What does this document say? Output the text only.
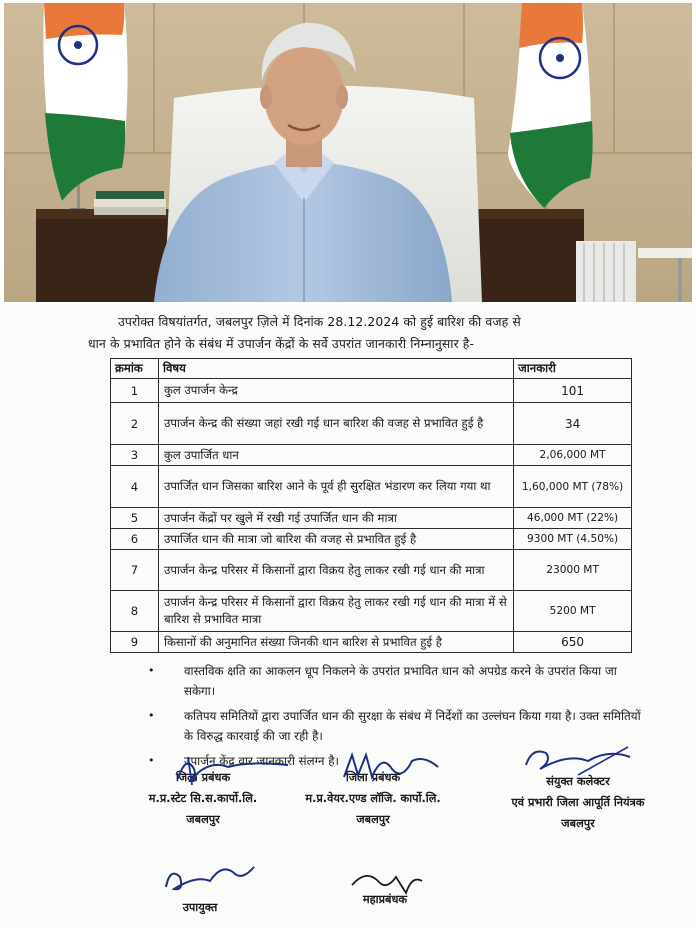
उपरोक्त विषयांतर्गत, जबलपुर ज़िले में दिनांक 28.12.2024 को हुई बारिश की वजह से
धान के प्रभावित होने के संबंध में उपार्जन केंद्रों के सर्वे उपरांत जानकारी निम्नानुसार है-
क्रमांक	विषय	जानकारी
1	कुल उपार्जन केन्द्र	101
2	उपार्जन केन्द्र की संख्या जहां रखी गई धान बारिश की वजह से प्रभावित हुई है	34
3	कुल उपार्जित धान	2,06,000 MT
4	उपार्जित धान जिसका बारिश आने के पूर्व ही सुरक्षित भंडारण कर लिया गया था	1,60,000 MT (78%)
5	उपार्जन केंद्रों पर खुले में रखी गई उपार्जित धान की मात्रा	46,000 MT (22%)
6	उपार्जित धान की मात्रा जो बारिश की वजह से प्रभावित हुई है	9300 MT (4.50%)
7	उपार्जन केन्द्र परिसर में किसानों द्वारा विक्रय हेतु लाकर रखी गई धान की मात्रा	23000 MT
8	उपार्जन केन्द्र परिसर में किसानों द्वारा विक्रय हेतु लाकर रखी गई धान की मात्रा में से बारिश से प्रभावित मात्रा	5200 MT
9	किसानों की अनुमानित संख्या जिनकी धान बारिश से प्रभावित हुई है	650
•	वास्तविक क्षति का आकलन धूप निकलने के उपरांत प्रभावित धान को अपग्रेड करने के उपरांत किया जा सकेगा।
•	कतिपय समितियों द्वारा उपार्जित धान की सुरक्षा के संबंध में निर्देशों का उल्लंघन किया गया है। उक्त समितियों के विरुद्ध कारवाई की जा रही है।
•	उपार्जन केंद्र वार जानकारी संलग्न है।
जिला प्रबंधक
म.प्र.स्टेट सि.स.कार्पो.लि.
जबलपुर
जिला प्रबंधक
म.प्र.वेयर.एण्ड लॉजि. कार्पो.लि.
जबलपुर
संयुक्त कलेक्टर
एवं प्रभारी जिला आपूर्ति नियंत्रक
जबलपुर
उपायुक्त
महाप्रबंधक
